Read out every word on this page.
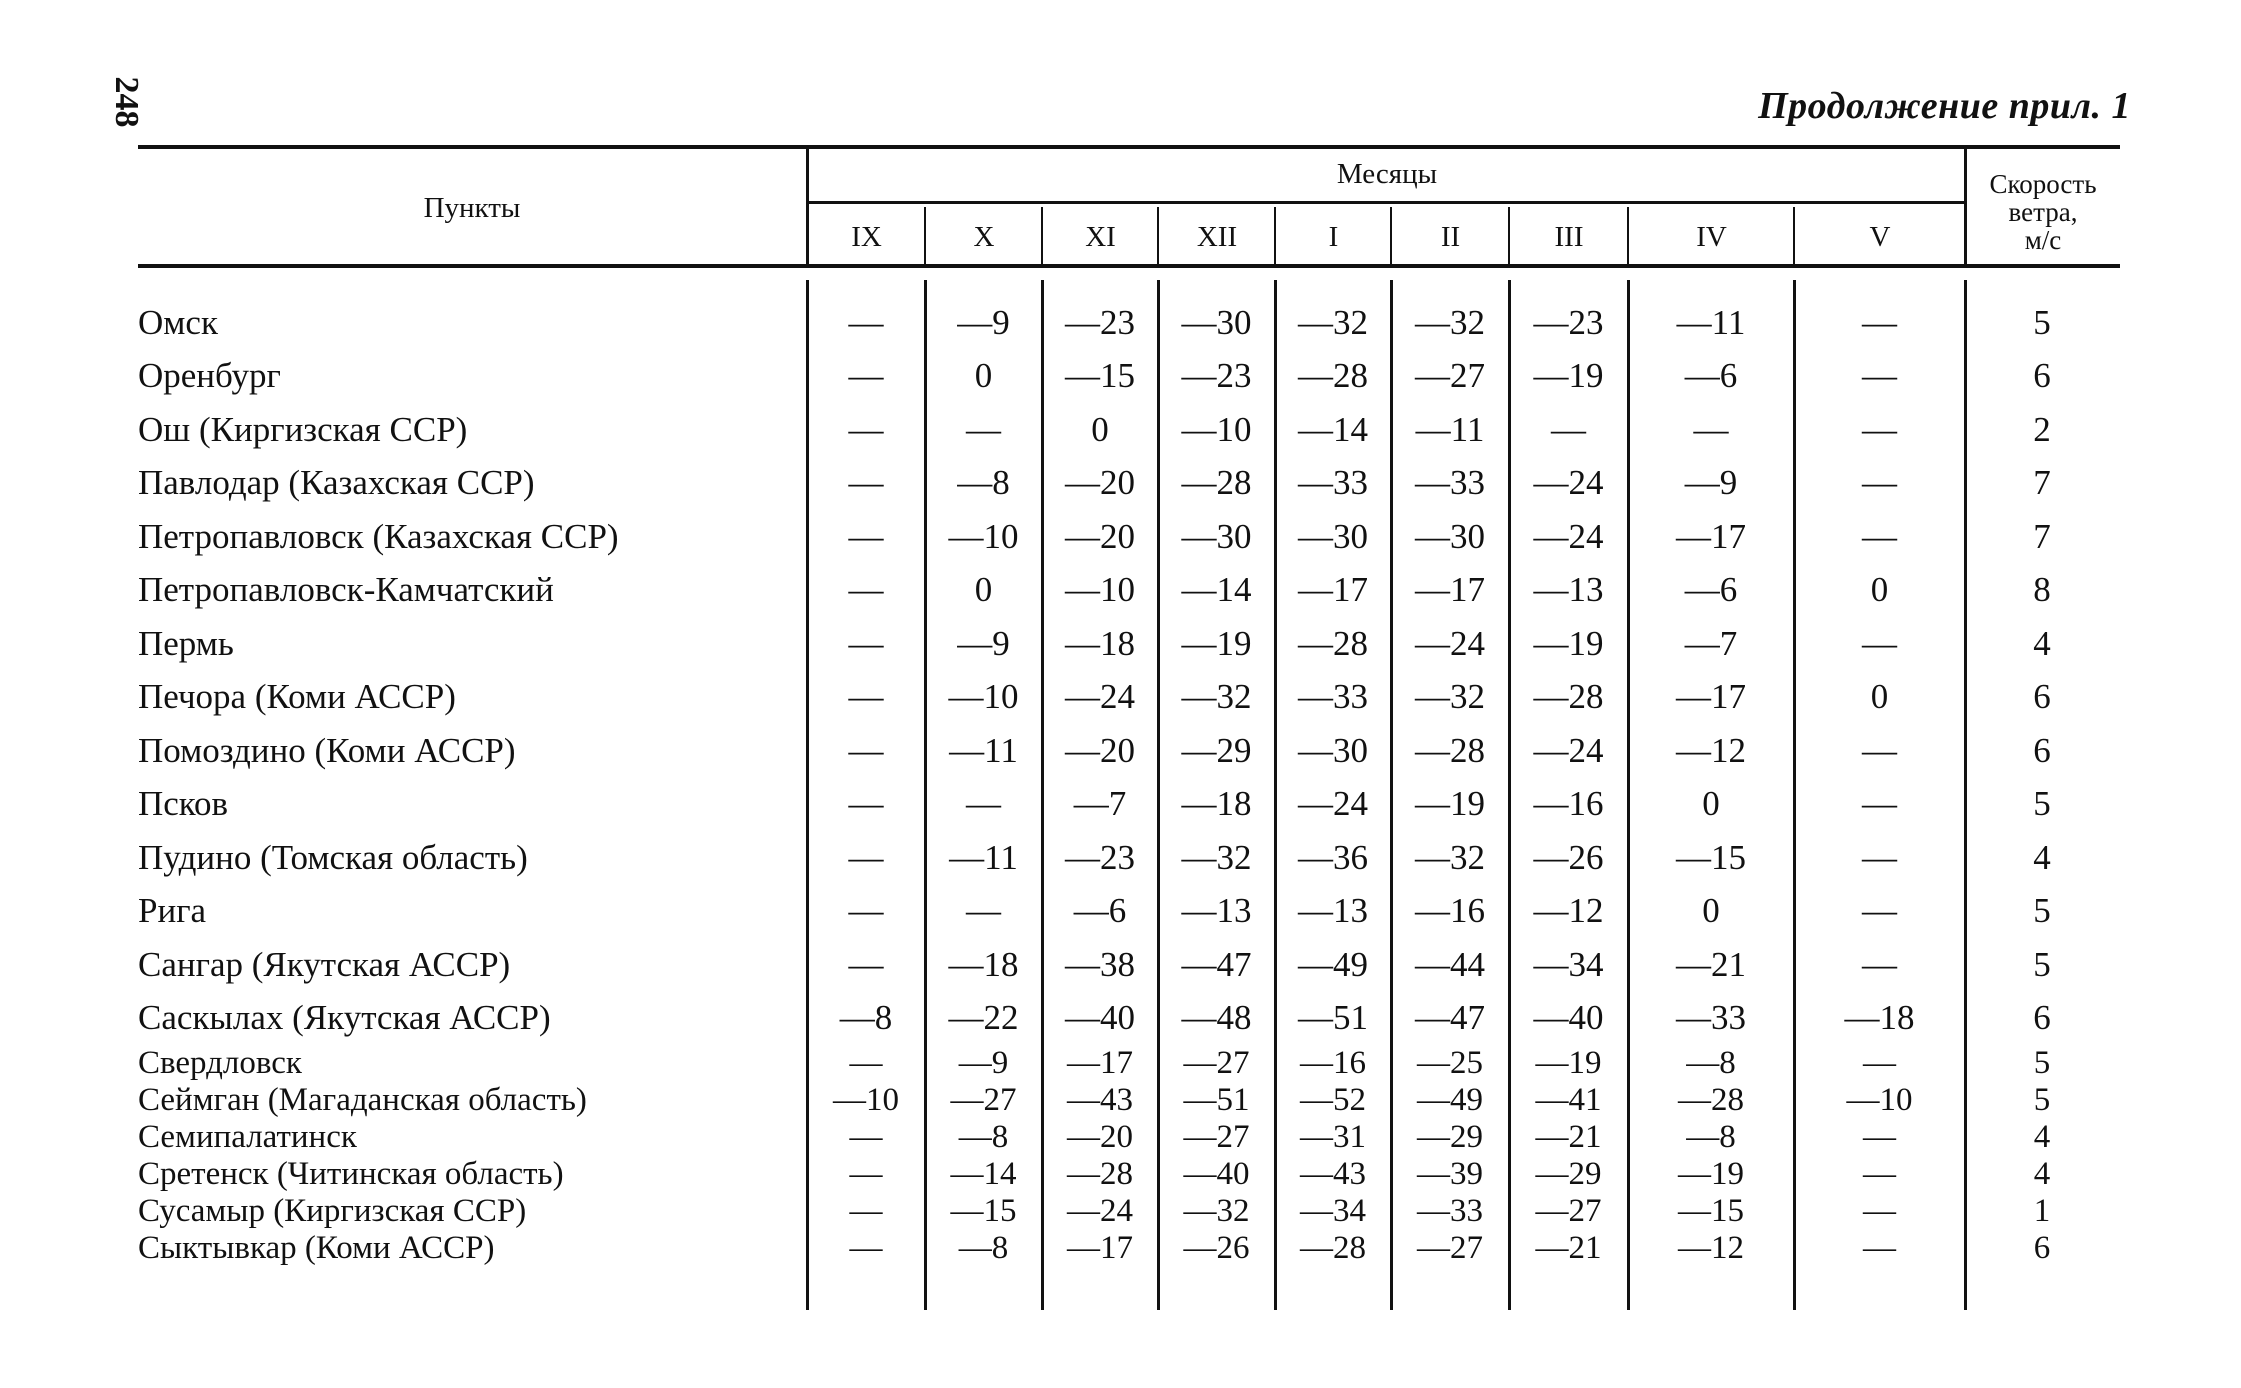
248	Продолжение прил. 1
Пункты
Месяцы	Скорость
ветра,
м/с
IX	X	XI	XII	I	II	III	IV	V
Омск	—	—9	—23	—30	—32	—32	—23	—11	—	5
Оренбург	—	0	—15	—23	—28	—27	—19	—6	—	6
Ош (Киргизская ССР)	—	—	0	—10	—14	—11	—	—	—	2
Павлодар (Казахская ССР)	—	—8	—20	—28	—33	—33	—24	—9	—	7
Петропавловск (Казахская ССР)	—	—10	—20	—30	—30	—30	—24	—17	—	7
Петропавловск-Камчатский	—	0	—10	—14	—17	—17	—13	—6	0	8
Пермь	—	—9	—18	—19	—28	—24	—19	—7	—	4
Печора (Коми АССР)	—	—10	—24	—32	—33	—32	—28	—17	0	6
Помоздино (Коми АССР)	—	—11	—20	—29	—30	—28	—24	—12	—	6
Псков	—	—	—7	—18	—24	—19	—16	0	—	5
Пудино (Томская область)	—	—11	—23	—32	—36	—32	—26	—15	—	4
Рига	—	—	—6	—13	—13	—16	—12	0	—	5
Сангар (Якутская АССР)	—	—18	—38	—47	—49	—44	—34	—21	—	5
Саскылах (Якутская АССР)	—8	—22	—40	—48	—51	—47	—40	—33	—18	6
Свердловск	—	—9	—17	—27	—16	—25	—19	—8	—	5
Сеймган (Магаданская область)	—10	—27	—43	—51	—52	—49	—41	—28	—10	5
Семипалатинск	—	—8	—20	—27	—31	—29	—21	—8	—	4
Сретенск (Читинская область)	—	—14	—28	—40	—43	—39	—29	—19	—	4
Сусамыр (Киргизская ССР)	—	—15	—24	—32	—34	—33	—27	—15	—	1
Сыктывкар (Коми АССР)	—	—8	—17	—26	—28	—27	—21	—12	—	6
